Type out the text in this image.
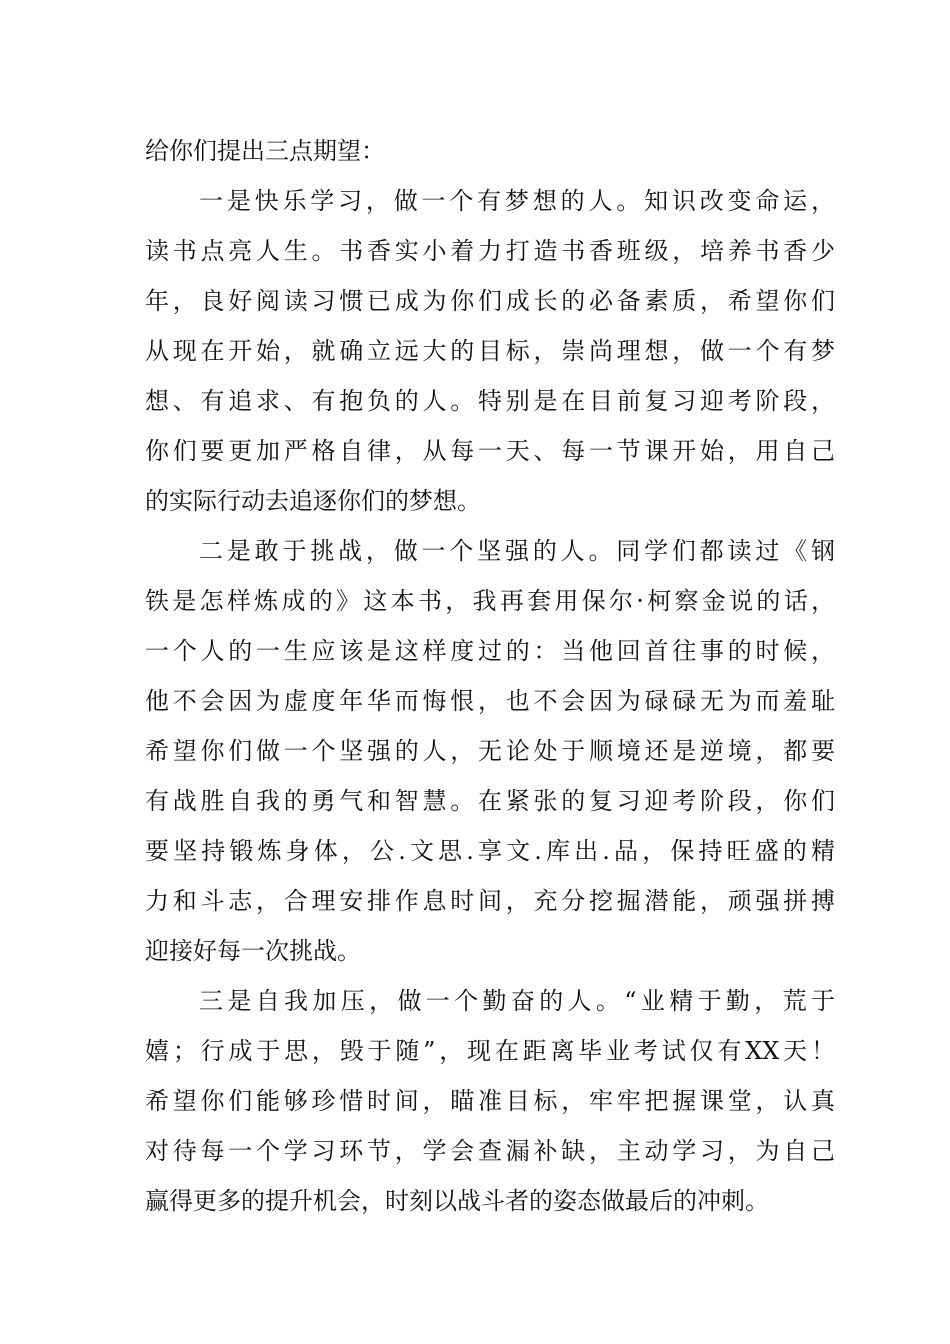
给你们提出三点期望：
一是快乐学习，做一个有梦想的人。知识改变命运，
读书点亮人生。书香实小着力打造书香班级，培养书香少
年，良好阅读习惯已成为你们成长的必备素质，希望你们
从现在开始，就确立远大的目标，崇尚理想，做一个有梦
想、有追求、有抱负的人。特别是在目前复习迎考阶段，
你们要更加严格自律，从每一天、每一节课开始，用自己
的实际行动去追逐你们的梦想。
二是敢于挑战，做一个坚强的人。同学们都读过《钢
铁是怎样炼成的》这本书，我再套用保尔·柯察金说的话，
一个人的一生应该是这样度过的：当他回首往事的时候，
他不会因为虚度年华而悔恨，也不会因为碌碌无为而羞耻
希望你们做一个坚强的人，无论处于顺境还是逆境，都要
有战胜自我的勇气和智慧。在紧张的复习迎考阶段，你们
要坚持锻炼身体，公.文思.享文.库出.品，保持旺盛的精
力和斗志，合理安排作息时间，充分挖掘潜能，顽强拼搏
迎接好每一次挑战。
三是自我加压，做一个勤奋的人。“业精于勤，荒于
嬉；行成于思，毁于随”，现在距离毕业考试仅有XX天！
希望你们能够珍惜时间，瞄准目标，牢牢把握课堂，认真
对待每一个学习环节，学会查漏补缺，主动学习，为自己
赢得更多的提升机会，时刻以战斗者的姿态做最后的冲刺。
